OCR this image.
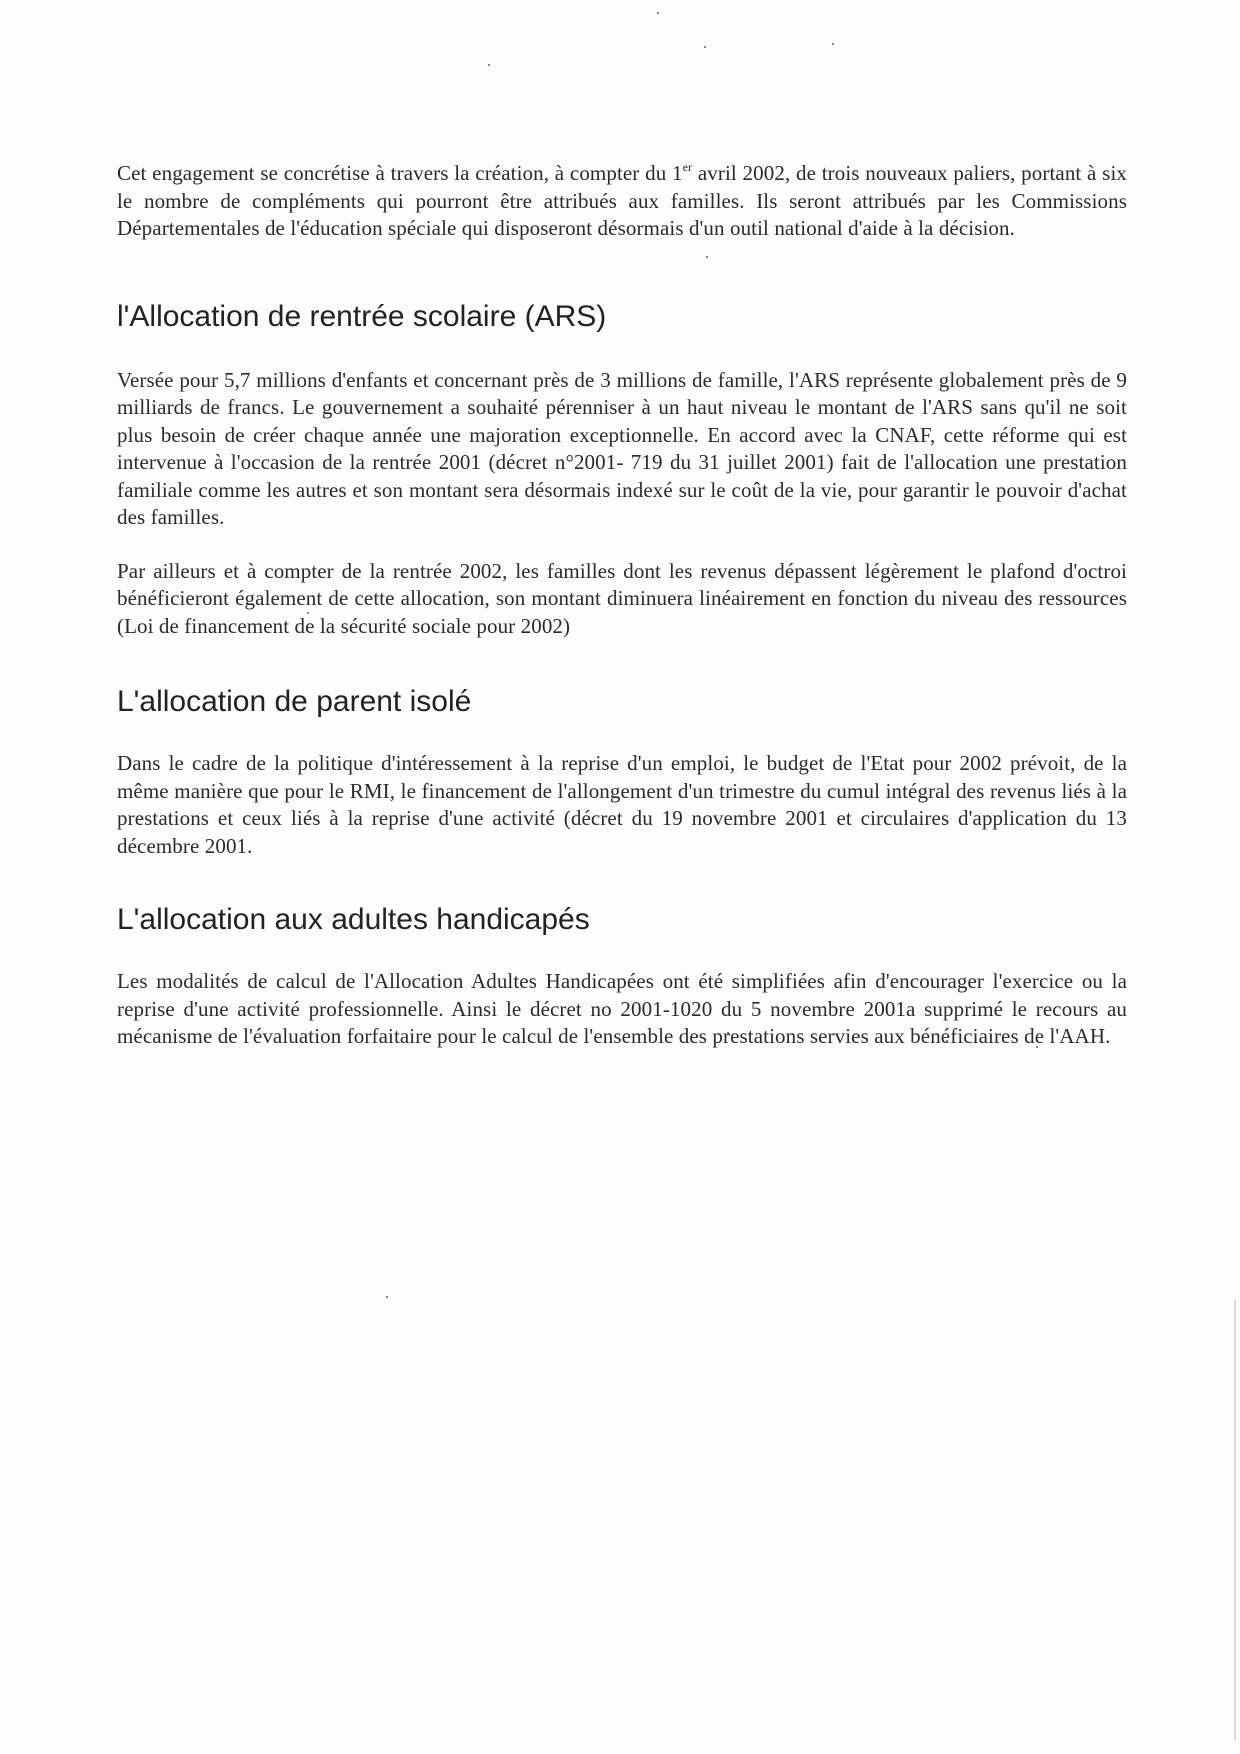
Cet engagement se concrétise à travers la création, à compter du 1er avril 2002, de trois nouveaux paliers, portant à six le nombre de compléments qui pourront être attribués aux familles. Ils seront attribués par les Commissions Départementales de l'éducation spéciale qui disposeront désormais d'un outil national d'aide à la décision.

l'Allocation de rentrée scolaire (ARS)

Versée pour 5,7 millions d'enfants et concernant près de 3 millions de famille, l'ARS représente globalement près de 9 milliards de francs. Le gouvernement a souhaité pérenniser à un haut niveau le montant de l'ARS sans qu'il ne soit plus besoin de créer chaque année une majoration exceptionnelle. En accord avec la CNAF, cette réforme qui est intervenue à l'occasion de la rentrée 2001 (décret n°2001- 719 du 31 juillet 2001) fait de l'allocation une prestation familiale comme les autres et son montant sera désormais indexé sur le coût de la vie, pour garantir le pouvoir d'achat des familles.

Par ailleurs et à compter de la rentrée 2002, les familles dont les revenus dépassent légèrement le plafond d'octroi bénéficieront également de cette allocation, son montant diminuera linéairement en fonction du niveau des ressources (Loi de financement de la sécurité sociale pour 2002)

L'allocation de parent isolé

Dans le cadre de la politique d'intéressement à la reprise d'un emploi, le budget de l'Etat pour 2002 prévoit, de la même manière que pour le RMI, le financement de l'allongement d'un trimestre du cumul intégral des revenus liés à la prestations et ceux liés à la reprise d'une activité (décret du 19 novembre 2001 et circulaires d'application du 13 décembre 2001.

L'allocation aux adultes handicapés

Les modalités de calcul de l'Allocation Adultes Handicapées ont été simplifiées afin d'encourager l'exercice ou la reprise d'une activité professionnelle. Ainsi le décret no 2001-1020 du 5 novembre 2001a supprimé le recours au mécanisme de l'évaluation forfaitaire pour le calcul de l'ensemble des prestations servies aux bénéficiaires de l'AAH.
